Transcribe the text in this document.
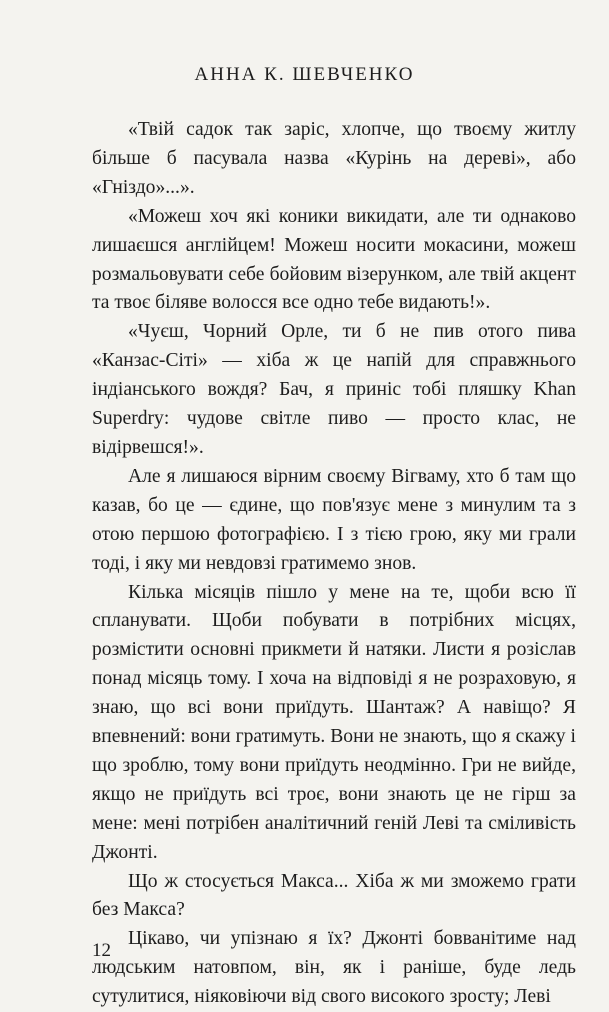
АННА К. ШЕВЧЕНКО

«Твій садок так заріс, хлопче, що твоєму житлу більше б пасувала назва «Курінь на дереві», або «Гніздо»...».

«Можеш хоч які коники викидати, але ти однаково лишаєшся англійцем! Можеш носити мокасини, можеш розмальовувати себе бойовим візерунком, але твій акцент та твоє біляве волосся все одно тебе видають!».

«Чуєш, Чорний Орле, ти б не пив отого пива «Канзас-Сіті» — хіба ж це напій для справжнього індіанського вождя? Бач, я приніс тобі пляшку Khan Superdry: чудове світле пиво — просто клас, не відірвешся!».

Але я лишаюся вірним своєму Вігваму, хто б там що казав, бо це — єдине, що пов'язує мене з минулим та з отою першою фотографією. І з тією грою, яку ми грали тоді, і яку ми невдовзі гратимемо знов.

Кілька місяців пішло у мене на те, щоби всю її спланувати. Щоби побувати в потрібних місцях, розмістити основні прикмети й натяки. Листи я розіслав понад місяць тому. І хоча на відповіді я не розраховую, я знаю, що всі вони приїдуть. Шантаж? А навіщо? Я впевнений: вони гратимуть. Вони не знають, що я скажу і що зроблю, тому вони приїдуть неодмінно. Гри не вийде, якщо не приїдуть всі троє, вони знають це не гірш за мене: мені потрібен аналітичний геній Леві та сміливість Джонті.

Що ж стосується Макса... Хіба ж ми зможемо грати без Макса?

Цікаво, чи упізнаю я їх? Джонті бовванітиме над людським натовпом, він, як і раніше, буде ледь сутулитися, ніяковіючи від свого високого зросту; Леві

12
